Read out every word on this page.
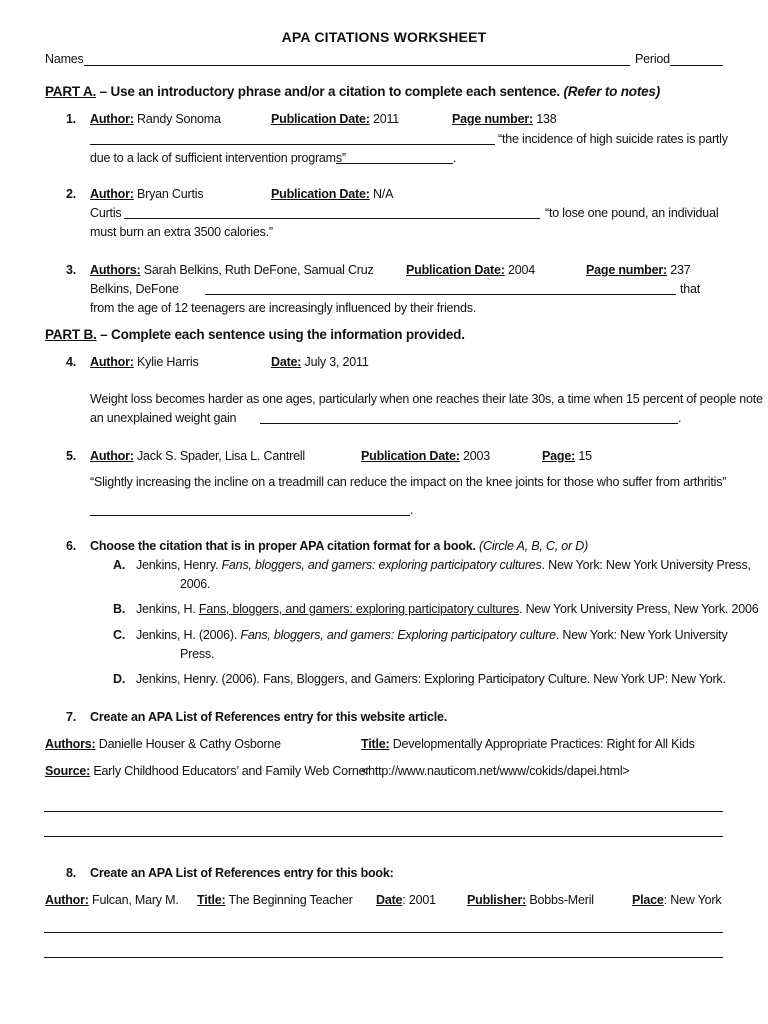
APA CITATIONS WORKSHEET
Names	Period
PART A. – Use an introductory phrase and/or a citation to complete each sentence. (Refer to notes)
1. Author: Randy Sonoma	Publication Date: 2011	Page number: 138
“the incidence of high suicide rates is partly
due to a lack of sufficient intervention programs”	.
2. Author: Bryan Curtis	Publication Date: N/A
Curtis	“to lose one pound, an individual
must burn an extra 3500 calories.”
3. Authors: Sarah Belkins, Ruth DeFone, Samual Cruz	Publication Date: 2004	Page number: 237
Belkins, DeFone	that
from the age of 12 teenagers are increasingly influenced by their friends.
PART B. – Complete each sentence using the information provided.
4. Author: Kylie Harris	Date: July 3, 2011
Weight loss becomes harder as one ages, particularly when one reaches their late 30s, a time when 15 percent of people note
an unexplained weight gain	.
5. Author: Jack S. Spader, Lisa L. Cantrell	Publication Date: 2003	Page: 15
“Slightly increasing the incline on a treadmill can reduce the impact on the knee joints for those who suffer from arthritis”
.
6. Choose the citation that is in proper APA citation format for a book. (Circle A, B, C, or D)
A. Jenkins, Henry. Fans, bloggers, and gamers: exploring participatory cultures. New York: New York University Press,
2006.
B. Jenkins, H. Fans, bloggers, and gamers: exploring participatory cultures. New York University Press, New York. 2006
C. Jenkins, H. (2006). Fans, bloggers, and gamers: Exploring participatory culture. New York: New York University
Press.
D. Jenkins, Henry. (2006). Fans, Bloggers, and Gamers: Exploring Participatory Culture. New York UP: New York.
7. Create an APA List of References entry for this website article.
Authors: Danielle Houser & Cathy Osborne	Title: Developmentally Appropriate Practices: Right for All Kids
Source: Early Childhood Educators’ and Family Web Corner
<http://www.nauticom.net/www/cokids/dapei.html>
8. Create an APA List of References entry for this book:
Author: Fulcan, Mary M. Title: The Beginning Teacher Date: 2001 Publisher: Bobbs-Meril	Place: New York
